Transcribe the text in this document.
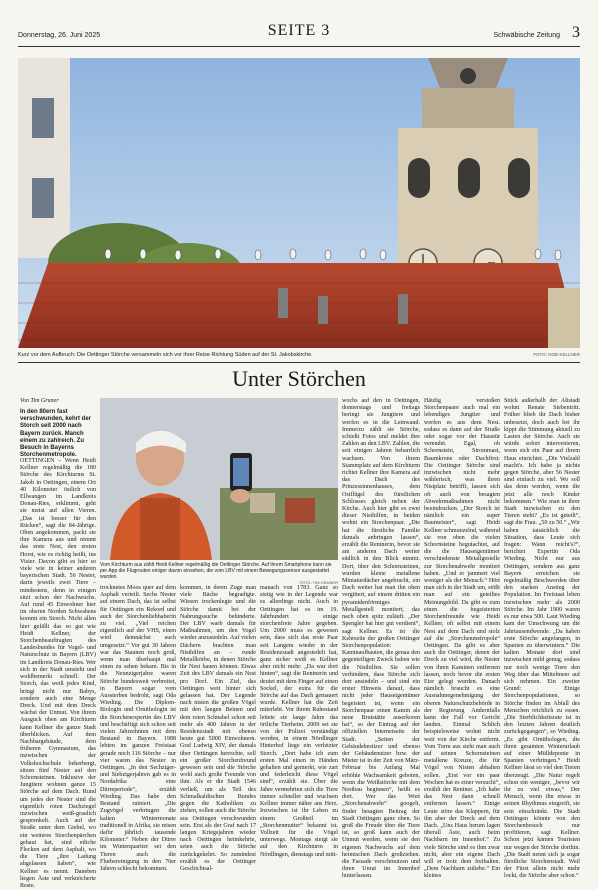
Donnerstag, 26. Juni 2025	SEITE 3	Schwäbische Zeitung 3
Kurz vor dem Aufbruch: Die Oettinger Störche versammeln sich vor ihrer Reise Richtung Süden auf der St. Jakobskirche.	FOTO: NOB-KELLNER
Unter Störchen
Von Tim Gruner
In den 80ern fast verschwunden, kehrt der Storch seit 2000 nach Bayern zurück. Manch einem zu zahlreich. Zu Besuch in Bayerns Storchenmetropole.
Vom Kirchturm aus zählt Heidi Kellner regelmäßig die Oettinger Störche. Auf ihrem Smartphone kann sie per App die Flugrouten einiger davon einsehen, die vom LBV mit einem Bewegungssensor ausgestattet wurden.
FOTO: TIM GRUNER
OETTINGEN – Wenn Heidi Kellner regelmäßig die 180 Störche des Kirchturms St. Jakob in Oettingen, einem Ort 40 Kilometer östlich von Ellwangen im Landkreis Donau-Ries, erklimmt, geht sie meist auf allen Vieren. „Das ist besser für den Rücken“, sagt die 84-Jährige. Oben angekommen, packt sie ihre Kamera aus und nimmt das erste Nest, den ersten Horst, wie es richtig heißt, ins Visier. Davon gibt es hier so viele wie in keiner anderen bayerischen Stadt. 56 Nester, darin jeweils zwei Tiere – mindestens, denn in einigen sitzt schon der Nachwuchs. Auf rund 45 Einwohner hier im oberen Norden Schwabens kommt ein Storch. Nicht allen hier gefällt das so gut wie Heidi Kellner, der Storchenbeauftragten des Landesbundes für Vogel- und Naturschutz in Bayern (LBV) im Landkreis Donau-Ries. Wer sich in der Stadt umsieht und wohlbemerkt schnell: Der Storch, das weiß jedes Kind, bringt nicht nur Babys, sondern auch eine Menge Dreck. Und mit dem Dreck wächst der Unmut. Von ihrem Ausguck oben am Kirchturm kann Kellner die ganze Stadt überblicken. Auf dem Nachbargebäude, dem früheren Gymnasium, das inzwischen der Volkshochschule beherbergt, sitzen fünf Nester auf den Schornsteinen. Inklusive der Jungtiere wohnen ganze 15 Störche auf dem Dach. Rund um jedes der Nester sind die eigentlich roten Dachziegel inzwischen weiß-graulich gesprenkelt. Auch auf der Straße unter dem Giebel, wo ein weiteres Storchenpärchen gebaut hat, sind etliche Flecken auf dem Asphalt, wo die Tiere „ihre Ladung abgelassen haben“, wie Kellner es nennt. Daneben liegen Äste und verknöcherte Reste.
trocknetes Moos quer auf dem Asphalt verteilt. Sechs Nester auf einem Dach, das ist selbst für Oettingen ein Rekord und auch der Storchenliebhaberin zu viel. „Viel reichen eigentlich auf der VHS, einen wird demnächst auch umgesetzt.“ Vor gut 30 Jahren war das Staunen noch groß, wenn man überhaupt mal einen zu sehen bekam. Bis in die Neunzigerjahre waren Störche bundesweit verbreitet, in Bayern sogar vom Aussterben bedroht, sagt Oda Wieding. Die Diplom-Biologin und Ornithologin ist die Storchenexpertin des LBV und beschäftigt sich schon seit vielen Jahrzehnten mit dem Bestand in Bayern. 1988 lebten im ganzen Freistaat gerade noch 116 Störche – nur vier waren das Nester in Oettingen. „In den Sechziger- und Siebzigerjahren gab es in Nordafrika eine Dürreperiode“, erzählt Wieding. Das habe den Bestand ruiniert. „Die Zugvögel verbringen die kalten Wintermonate traditionell in Afrika, sie reisen dafür jährlich tausende Kilometer.“ Neben der Dürre im Winterquartier sei den Tieren auch die Flurbereinigung in den 70er Jahren schlecht bekommen.
kommen, in deren Zuge man viele Bäche begradigte. Wiesen trockenlegte und die Störche damit bei der Nahrungssuche behinderte. Der LBV warb damals für Maßnahmen, um den Vogel wieder anzusiedeln. Auf vielen Dächern brachten man Nisthilfen an – runde Metallkörbe, in denen Störche ihr Nest bauen können. Etwas Zeit des LBV damals ein Nest pro Dorf. Ein Ziel, das Oettingen weit hinter sich gelassen hat. Der Legende nach nisten die großen Vögel mit den langen Beinen und dem roten Schnabel schon seit mehr als 400 Jahren in der Residenzstadt mit ebenso heute gut 5000 Einwohnern. Graf Ludwig XIV, der damals über Oettingen herrschte, soll ein großer Storchenfreund gewesen sein und die Störche wohl auch große Freunde von ihm. Als er die Stadt 1546 verließ, um als Teil des Schmalkaldischen Bundes gegen die Katholiken zu ziehen, sollen auch die Störche aus Oettingen verschwunden sein. Erst als der Graf nach 17 langen Kriegsjahren wieder nach Oettingen heimkehrte, seien auch die Störche zurückgekehrt. So zumindest erzählt es der Oettinger Geschichtsal-
manach von 1783. Ganz so stetig wie in der Legende war es allerdings nicht. Auch in Oettingen hat es im 19. Jahrhundert einige storchenfreie Jahre gegeben. Um 2000 muss es gewesen sein, dass sich das erste Paar seit Langem wieder in der Residenzstadt angesiedelt hat, ganz sicher weiß es Kellner aber nicht mehr. „Da war dort hinten“, sagt die Rentnerin und deutet mit dem Finger auf einen Sockel, der extra für die Störche auf das Dach gemauert wurde. Kellner hat die Zeit miterlebt. Vor ihrem Ruhestand leitete sie lange Jahre das örtliche Tierheim. 2009 sei sie von der Polizei verständigt worden, in einem Nördlinger Hinterhof liege ein verletzter Storch. „Dort habe ich zum ersten Mal einen in Händen gehalten und gemerkt, wie zart und federleicht diese Vögel sind“, erzählt sie. Über die Jahre vermehrten sich die Tiere immer schneller und wuchsen Kellner immer näher ans Herz. Inzwischen ist ihr Leben zu einem Großteil im „Storchenmutter“ bekannt ist. Vollzeit für die Vögel unterwegs. Montags steigt sie auf den Kirchturm in Nördlingen, dienstags und mitt-
wochs auf den in Oettingen, donnerstags und freitags beringt sie Jungtiere und werfen es in die Leinwand. Immerzu zählt sie Störche, schießt Fotos und meldet ihre Zahlen an den LBV. Zahlen, die seit einigen Jahren beharrlich wachsen. Von ihrem Stammplatz auf dem Kirchturm richtet Kellner ihre Kamera auf das Dach des Prinzessinnenhauses, dem Ostflügel des fürstlichen Schlosses gleich neben der Kirche. Auch hier gibt es zwei dieser Nisthilfen, in beiden wohnt ein Storchenpaar. „Die hat die fürstliche Familie damals anbringen lassen“, erzählt die Rentnerin, bevor sie am anderen Dach weiter südlich in den Blick nimmt. Dort, über den Schornsteinen, wurden kleine metallene Miniaturdächer angebracht, ein Dach weiter hat man ihn oben vergittert, auf einem dritten ein pyramidenförmiges Metallgestell montiert, das nach oben spitz zuläuft. „Der Spengler hat hier gut verdient“, sagt Kellner. Es ist die Kehrseite der großen Oettinger Storchenpopulation: Kaminaufbauten, die genau den gegenteiligen Zweck haben wie die Nisthilfen. Sie sollen verhindern, dass Störche sich dort ansiedeln – und sind ein erster Hinweis darauf, dass nicht jeder Hauseigentümer begeistert ist, wenn ein Storchenpaar einen Kamin als neue Brutstätte auserkoren hat“, so der Eintrag auf der offiziellen Internetseite der Stadt. „Seiten der Gebäudebesitzer und ebenso der Gebäudenutzer bzw. der Mieter ist in der Zeit von März-Februar bis Anfang Mai erhöhte Wachsamkeit geboten, wenn die Weißstörche mit dem Nestbau beginnen“, heißt es dort. Wer das Wort „Storchenabwehr“ googelt, findet besagten Beitrag der Stadt Oettingen ganz oben. So groß die Freude über die Tiere ist, so groß kann auch der Unmut werden, wenn sie den eigenen Nachwuchs auf dem heimischen Dach großziehen. die Fassade verschmutzen und ihren Unrat im Innenhof hinterlassen.
Häufig verstoßen Storchenpaare auch mal ein lebendiges Jungtier und werfen es aus dem Nest. sodass es dann auf der Straße oder sogar vor der Haustür verendet. Egal, ob Schornstein, Strommast, Baumkrone oder Dachfirst: Die Oettinger Störche sind inzwischen nicht mehr wählerisch, was ihren Nistplatz betrifft, lassen sich oft auch von besagten Abwehrmaßnahmen nicht beeindrucken. „Der Storch ist nämlich ein super Baumeister“, sagt Heidi Kellner schmunzelnd, während sie von oben die vielen Schornsteine begutachtet, auf die die Hauseigentümer verschiedenste Metallgestelle zur Storchenabwehr montiert haben. „Und er jammert viel weniger als der Mensch.“ Hört man sich in der Stadt um, stößt man auf ein geteiltes Meinungsbild. Da gibt es zum einen die begeisterten Storchenfreunde wie Heidi Kellner, oft selbst mit einem Nest auf dem Dach und stolz auf die „Storchenmetropole“ Oettingen. Da gibt es aber auch die Oettinger, denen der Dreck zu viel wird, die Nester von ihren Kaminen entfernen lassen, noch bevor die ersten Eier gelegt wurden. Danach nämlich braucht es eine Ausnahmegenehmigung der oberen Naturschutzbehörde in der Regierung Andernfalls kann der Fall vor Gericht landen. Einmal Schlich beispielsweise wohnt nicht weit von der Kirche entfernt. Vom Turm aus sieht man auch auf seinen Schornsteinen metallene Kreuze, die für Vögel von Nisten abhalten sollen. „Erst vor ein paar Wochen hat es einer versucht“, erzählt der Rentner. „Ich habe das Nest dann schnell entfernen lassen.“ Einige Leute störe das Klappern, für ihn aber der Dreck auf dem Dach. „Uns Haus herum lagen überall Äste, auch beim Nachbarn im Innenhof.“ Zu viele Störche sind es ihm zwar nicht, aber ein eigene Dach will er trotz dem freihalten. „Dem Nachbarn zuliebe.“ Ein kleines
Stück außerhalb der Altstadt wohnt Renate Siebentritt. Früher blieb ihr Dach bisher unbesetzt, doch auch bei ihr kippt die Stimmung aktuell zu Lasten der Störche. Auch sie würde sofort intervenieren, wenn sich ein Paar auf ihrem Haus einrichtet. „Die Vielzahl macht's. Ich habe ja nichts gegen Störche, aber 56 Nester sind einfach zu viel. Wo soll das denn werden, wenn die jetzt alle noch Kinder bekommen.“ Wie man in ihrer Stadt inzwischen zu den Tieren steht? „Es ist geteilt“, sagt die Frau. „50 zu 50.“ „Wir haben tatsächlich die Situation, dass Leute sich fragen: Wann reicht's?“, berichtet Expertin Oda Wieding. Nicht nur aus Oettingen, sondern aus ganz Bayern erreichen sie regelmäßig Beschwerden über den starken Anstieg der Population. Im Freistaat leben inzwischen mehr als 2000 Störche. Im Jahr 1900 waren es nur etwa 500. Laut Wieding kam der Umschwung um die Jahrtausendwende. „Da haben erste Störche angefangen, in Spanien zu überwintern.“ Die kalten Monate dort sind inzwischen mild genug, sodass nur noch wenige Tiere den Weg über das Mittelmeer auf sich nehmen. Ein zweiter Grund: Einige Storchenpopulationen, so Störche finden im Abfall des Menschen reichlich zu essen. „Die Sterblichkeitsrate ist in den letzten Jahren deutlich zurückgegangen“, so Wieding. „Es gibt Ornithologen, die ihren gesamten Winterurlaub auf einer Mülldeponie in Spanien verbringen.“ Heidi Kellner lässt so viel den Tieren überzeugt. „Die Natur regelt schon ein weniger, „bevor wir ihr zu viel etwas,“ Der Mensch, wenn ihn etwas in seinen Rhythmus eingreift, sie sein einschränkt. Die Stadt Oettingen könnte von den Storchenbesuch nur profitieren, sagt Kellner. Schon jetzt kämen Touristen nur wegen der Störche dorthin. „Die Stadt nennt sich ja sogar fürstliche Storchenstadt. Weil der Fürst allein nicht mehr lockt, die Störche aber schon.“
